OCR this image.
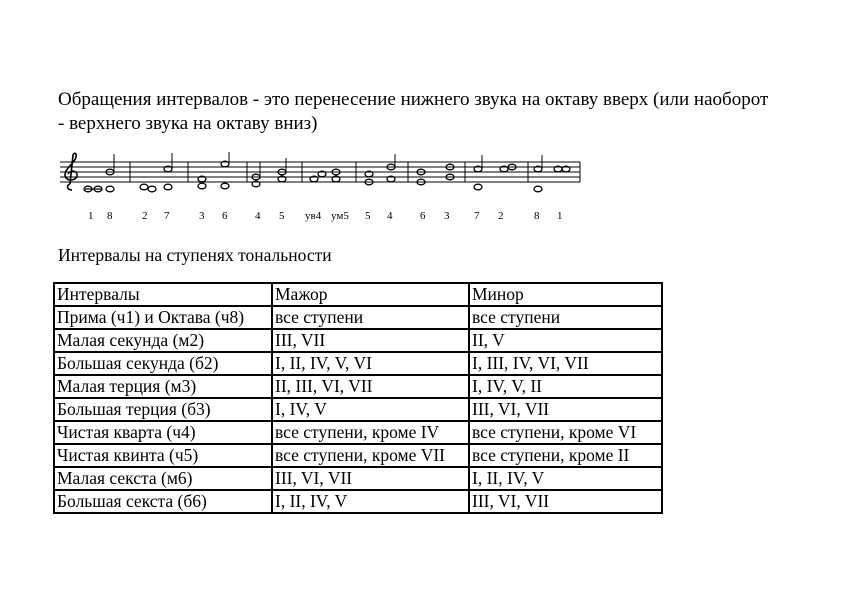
Обращения интервалов - это перенесение нижнего звука на октаву вверх (или наоборот - верхнего звука на октаву вниз)

1 8	2 7	3 6	4 5 ув4 ум5 5 4	6 3 7 2	8 1

Интервалы на ступенях тональности

Интервалы	Мажор	Минор
Прима (ч1) и Октава (ч8)	все ступени	все ступени
Малая секунда (м2)	III, VII	II, V
Большая секунда (б2)	I, II, IV, V, VI	I, III, IV, VI, VII
Малая терция (м3)	II, III, VI, VII	I, IV, V, II
Большая терция (б3)	I, IV, V	III, VI, VII
Чистая кварта (ч4)	все ступени, кроме IV	все ступени, кроме VI
Чистая квинта (ч5)	все ступени, кроме VII	все ступени, кроме II
Малая секста (м6)	III, VI, VII	I, II, IV, V
Большая секста (б6)	I, II, IV, V	III, VI, VII
